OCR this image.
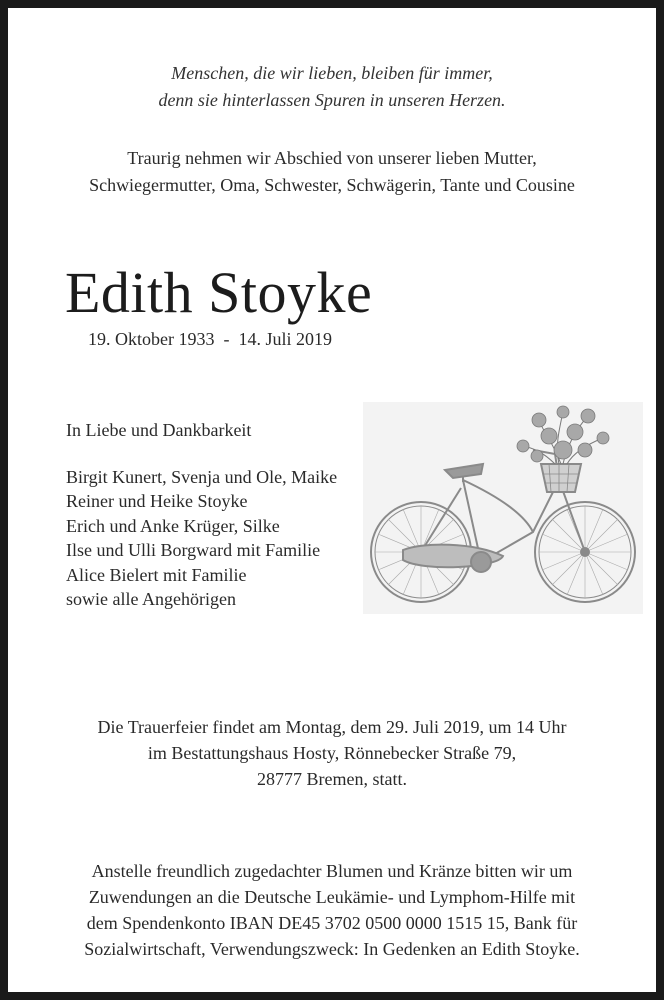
Menschen, die wir lieben, bleiben für immer,
denn sie hinterlassen Spuren in unseren Herzen.
Traurig nehmen wir Abschied von unserer lieben Mutter,
Schwiegermutter, Oma, Schwester, Schwägerin, Tante und Cousine
Edith Stoyke
19. Oktober 1933  -  14. Juli 2019
In Liebe und Dankbarkeit
Birgit Kunert, Svenja und Ole, Maike
Reiner und Heike Stoyke
Erich und Anke Krüger, Silke
Ilse und Ulli Borgward mit Familie
Alice Bielert mit Familie
sowie alle Angehörigen
Die Trauerfeier findet am Montag, dem 29. Juli 2019, um 14 Uhr
im Bestattungshaus Hosty, Rönnebecker Straße 79,
28777 Bremen, statt.
Anstelle freundlich zugedachter Blumen und Kränze bitten wir um
Zuwendungen an die Deutsche Leukämie- und Lymphom-Hilfe mit
dem Spendenkonto IBAN DE45 3702 0500 0000 1515 15, Bank für
Sozialwirtschaft, Verwendungszweck: In Gedenken an Edith Stoyke.
